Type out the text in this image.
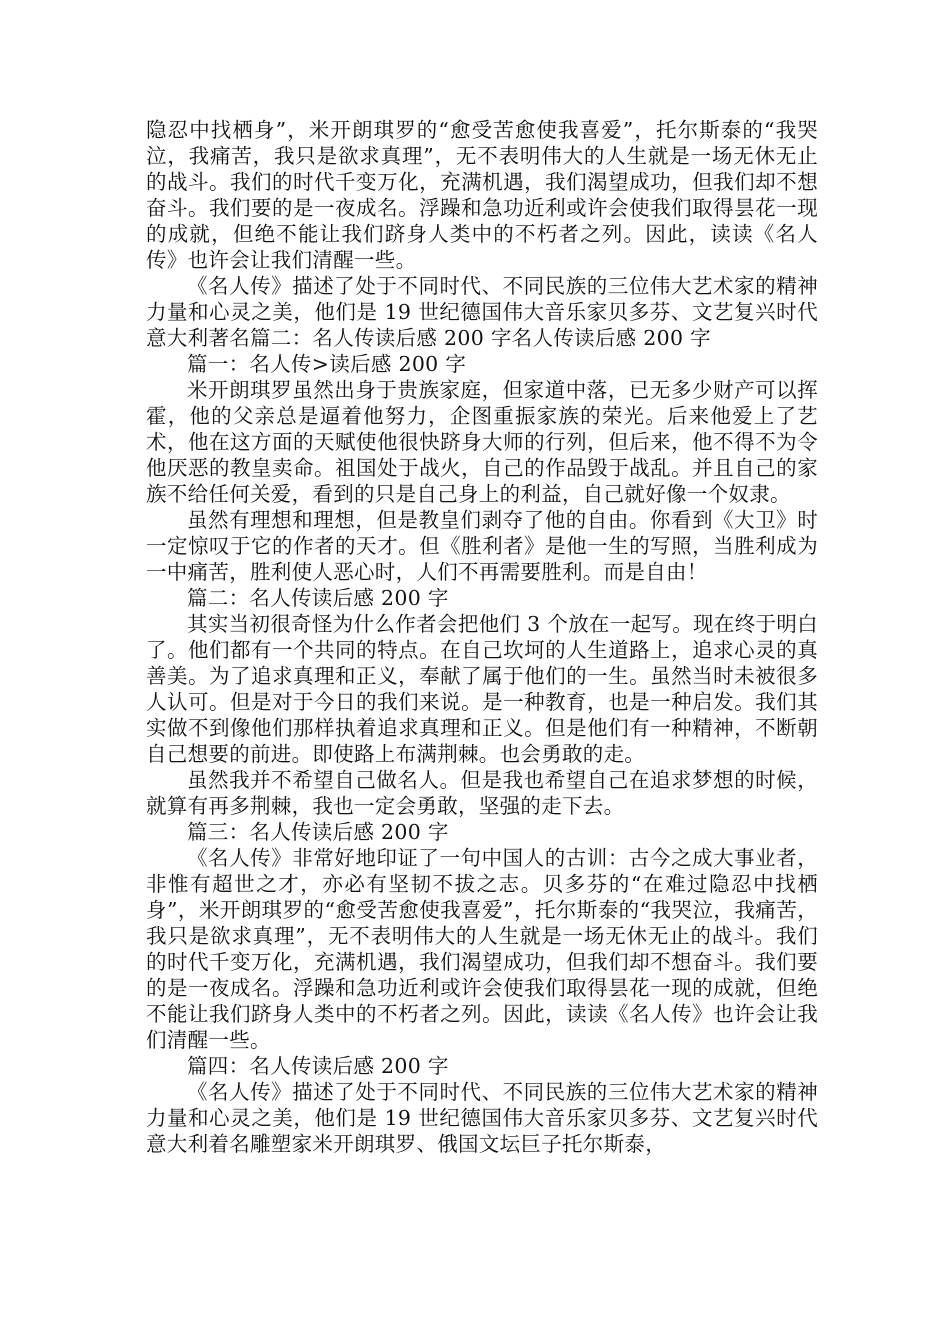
隐忍中找栖身”，米开朗琪罗的“愈受苦愈使我喜爱”，托尔斯泰的“我哭泣，我痛苦，我只是欲求真理”，无不表明伟大的人生就是一场无休无止的战斗。我们的时代千变万化，充满机遇，我们渴望成功，但我们却不想奋斗。我们要的是一夜成名。浮躁和急功近利或许会使我们取得昙花一现的成就，但绝不能让我们跻身人类中的不朽者之列。因此，读读《名人传》也许会让我们清醒一些。

《名人传》描述了处于不同时代、不同民族的三位伟大艺术家的精神力量和心灵之美，他们是 19 世纪德国伟大音乐家贝多芬、文艺复兴时代意大利著名篇二：名人传读后感 200 字名人传读后感 200 字

篇一：名人传>读后感 200 字

米开朗琪罗虽然出身于贵族家庭，但家道中落，已无多少财产可以挥霍，他的父亲总是逼着他努力，企图重振家族的荣光。后来他爱上了艺术，他在这方面的天赋使他很快跻身大师的行列，但后来，他不得不为令他厌恶的教皇卖命。祖国处于战火，自己的作品毁于战乱。并且自己的家族不给任何关爱，看到的只是自己身上的利益，自己就好像一个奴隶。

虽然有理想和理想，但是教皇们剥夺了他的自由。你看到《大卫》时一定惊叹于它的作者的天才。但《胜利者》是他一生的写照，当胜利成为一中痛苦，胜利使人恶心时，人们不再需要胜利。而是自由！

篇二：名人传读后感 200 字

其实当初很奇怪为什么作者会把他们 3 个放在一起写。现在终于明白了。他们都有一个共同的特点。在自己坎坷的人生道路上，追求心灵的真善美。为了追求真理和正义，奉献了属于他们的一生。虽然当时未被很多人认可。但是对于今日的我们来说。是一种教育，也是一种启发。我们其实做不到像他们那样执着追求真理和正义。但是他们有一种精神，不断朝自己想要的前进。即使路上布满荆棘。也会勇敢的走。

虽然我并不希望自己做名人。但是我也希望自己在追求梦想的时候，就算有再多荆棘，我也一定会勇敢，坚强的走下去。

篇三：名人传读后感 200 字

《名人传》非常好地印证了一句中国人的古训：古今之成大事业者，非惟有超世之才，亦必有坚韧不拔之志。贝多芬的“在难过隐忍中找栖身”，米开朗琪罗的“愈受苦愈使我喜爱”，托尔斯泰的“我哭泣，我痛苦，我只是欲求真理”，无不表明伟大的人生就是一场无休无止的战斗。我们的时代千变万化，充满机遇，我们渴望成功，但我们却不想奋斗。我们要的是一夜成名。浮躁和急功近利或许会使我们取得昙花一现的成就，但绝不能让我们跻身人类中的不朽者之列。因此，读读《名人传》也许会让我们清醒一些。

篇四：名人传读后感 200 字

《名人传》描述了处于不同时代、不同民族的三位伟大艺术家的精神力量和心灵之美，他们是 19 世纪德国伟大音乐家贝多芬、文艺复兴时代意大利着名雕塑家米开朗琪罗、俄国文坛巨子托尔斯泰，
